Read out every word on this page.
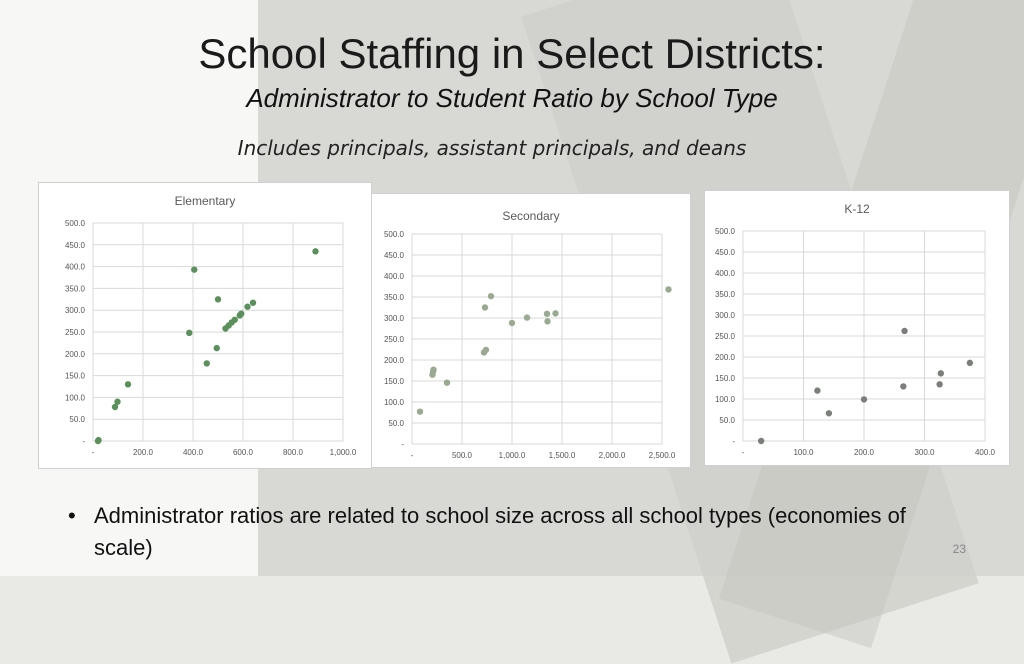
School Staffing in Select Districts:
Administrator to Student Ratio by School Type
Includes principals, assistant principals, and deans
Elementary
-
50.0
100.0
150.0
200.0
250.0
300.0
350.0
400.0
450.0
500.0
-	200.0	400.0	600.0	800.0	1,000.0
Secondary
-
50.0
100.0
150.0
200.0
250.0
300.0
350.0
400.0
450.0
500.0
-	500.0	1,000.0	1,500.0	2,000.0	2,500.0
K-12
-
50.0
100.0
150.0
200.0
250.0
300.0
350.0
400.0
450.0
500.0
-	100.0	200.0	300.0	400.0
• Administrator ratios are related to school size across all school types (economies of scale)	23
